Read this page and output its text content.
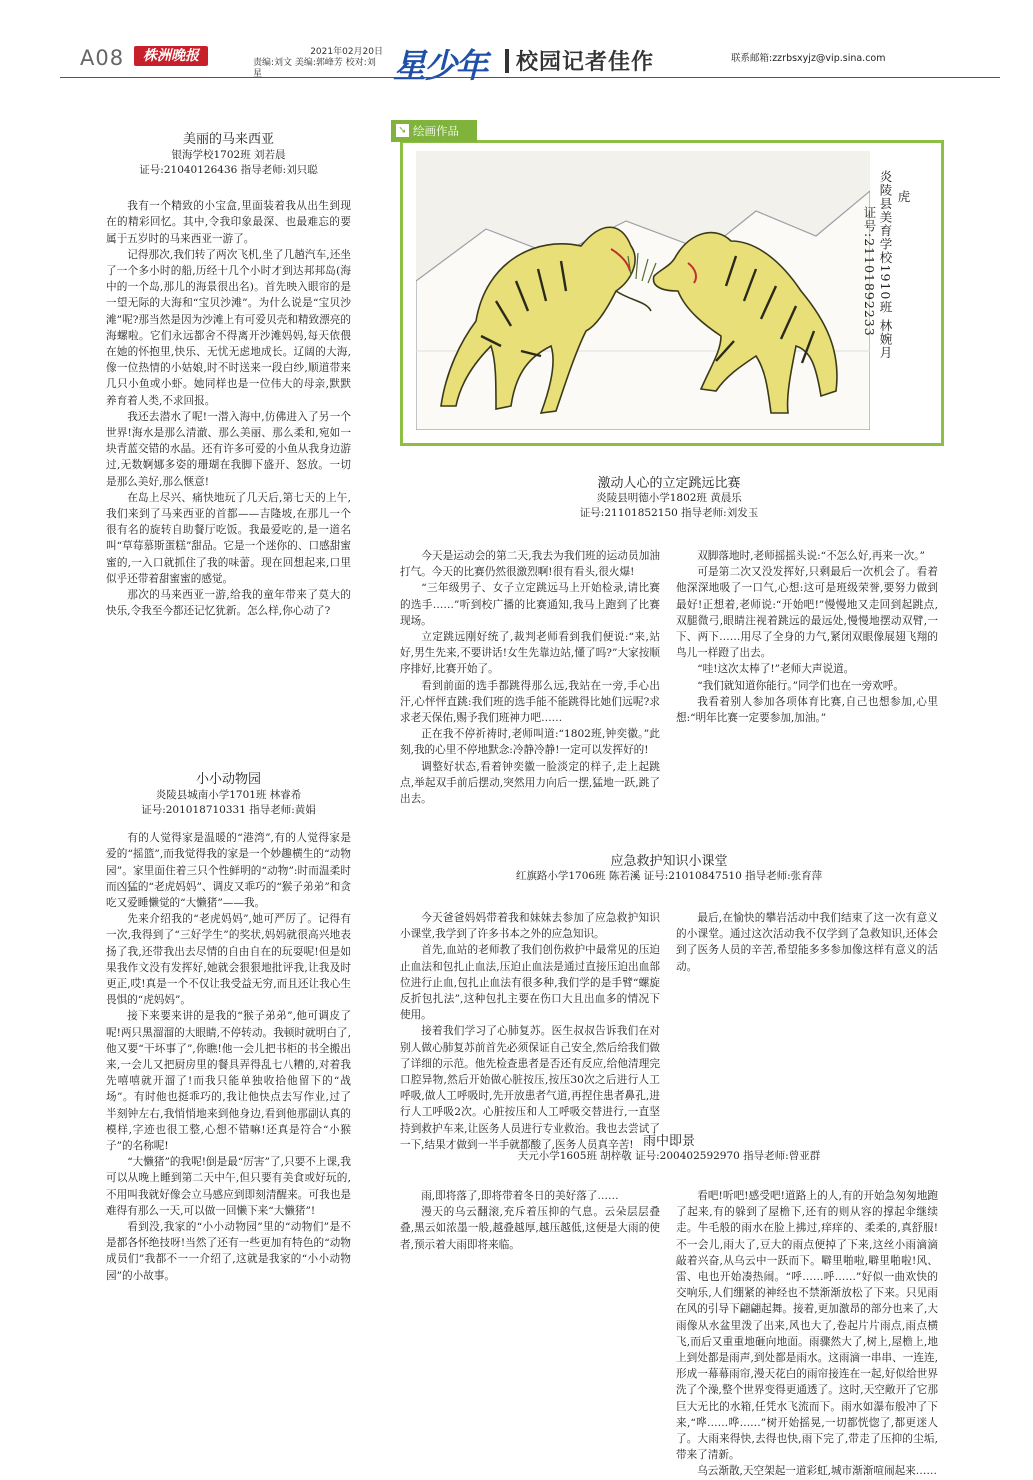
A08	株洲晚报	2021年02月20日
责编:刘文 美编:郭峰芳 校对:刘星	星少年 校园记者佳作	联系邮箱:zzrbsxyjz@vip.sina.com
美丽的马来西亚
银海学校1702班 刘若晨
证号:21040126436 指导老师:刘只聪

我有一个精致的小宝盒,里面装着我从出生到现在的精彩回忆。其中,令我印象最深、也最难忘的要属于五岁时的马来西亚一游了。

记得那次,我们转了两次飞机,坐了几趟汽车,还坐了一个多小时的船,历经十几个小时才到达邦邦岛(海中的一个岛,那儿的海景很出名)。首先映入眼帘的是一望无际的大海和“宝贝沙滩”。为什么说是“宝贝沙滩”呢?那当然是因为沙滩上有可爱贝壳和精致漂亮的海螺啦。它们永远都舍不得离开沙滩妈妈,每天依偎在她的怀抱里,快乐、无忧无虑地成长。辽阔的大海,像一位热情的小姑娘,时不时送来一段白纱,顺道带来几只小鱼或小虾。她同样也是一位伟大的母亲,默默养育着人类,不求回报。

我还去潜水了呢!一潜入海中,仿佛进入了另一个世界!海水是那么清澈、那么美丽、那么柔和,宛如一块青蓝交错的水晶。还有许多可爱的小鱼从我身边游过,无数婀娜多姿的珊瑚在我脚下盛开、怒放。一切是那么美好,那么惬意!

在岛上尽兴、痛快地玩了几天后,第七天的上午,我们来到了马来西亚的首都——吉隆坡,在那儿一个很有名的旋转自助餐厅吃饭。我最爱吃的,是一道名叫“草莓慕斯蛋糕”甜品。它是一个迷你的、口感甜蜜蜜的,一入口就抓住了我的味蕾。现在回想起来,口里似乎还带着甜蜜蜜的感觉。

那次的马来西亚一游,给我的童年带来了莫大的快乐,令我至今都还记忆犹新。怎么样,你心动了?

小小动物园
炎陵县城南小学1701班 林睿希
证号:201018710331 指导老师:黄娟

有的人觉得家是温暖的“港湾”,有的人觉得家是爱的“摇篮”,而我觉得我的家是一个妙趣横生的“动物园”。家里面住着三只个性鲜明的“动物”:时而温柔时而凶猛的“老虎妈妈”、调皮又乖巧的“猴子弟弟”和贪吃又爱睡懒觉的“大懒猪”——我。

先来介绍我的“老虎妈妈”,她可严厉了。记得有一次,我得到了“三好学生”的奖状,妈妈就很高兴地表扬了我,还带我出去尽情的自由自在的玩耍呢!但是如果我作文没有发挥好,她就会狠狠地批评我,让我及时更正,哎!真是一个不仅让我受益无穷,而且还让我心生畏惧的“虎妈妈”。

接下来要来讲的是我的“猴子弟弟”,他可调皮了呢!两只黑溜溜的大眼睛,不停转动。我顿时就明白了,他又要“干坏事了”,你瞧!他一会儿把书柜的书全搬出来,一会儿又把厨房里的餐具弄得乱七八糟的,对着我先嘻嘻就开溜了!而我只能单独收拾他留下的“战场”。有时他也挺乖巧的,我让他快点去写作业,过了半刻钟左右,我悄悄地来到他身边,看到他那副认真的模样,字迹也很工整,心想不错嘛!还真是符合“小猴子”的名称呢!

“大懒猪”的我呢!倒是最“厉害”了,只要不上课,我可以从晚上睡到第二天中午,但只要有美食或好玩的,不用叫我就好像会立马感应到即刻清醒来。可我也是难得有那么一天,可以做一回懒下来“大懒猪”!

看到没,我家的“小小动物园”里的“动物们”是不是都各怀绝技呀!当然了还有一些更加有特色的“动物成员们”我都不一一介绍了,这就是我家的“小小动物园”的小故事。

➘ 绘画作品
虎
炎陵县美育学校1910班 林婉月
证号:21101892233
激动人心的立定跳远比赛
炎陵县明德小学1802班 黄晨乐
证号:21101852150 指导老师:刘发玉

今天是运动会的第二天,我去为我们班的运动员加油打气。今天的比赛仍然很激烈啊!很有看头,很火爆!

“三年级男子、女子立定跳远马上开始检录,请比赛的选手……”听到校广播的比赛通知,我马上跑到了比赛现场。

立定跳远刚好统了,裁判老师看到我们便说:“来,站好,男生先来,不要讲话!女生先靠边站,懂了吗?”大家按顺序排好,比赛开始了。

看到前面的选手都跳得那么远,我站在一旁,手心出汗,心怦怦直跳:我们班的选手能不能跳得比她们远呢?求求老天保佑,赐予我们班神力吧……

正在我不停祈祷时,老师叫道:“1802班,钟奕徽。”此刻,我的心里不停地默念:冷静冷静!一定可以发挥好的!

调整好状态,看着钟奕徽一脸淡定的样子,走上起跳点,举起双手前后摆动,突然用力向后一摆,猛地一跃,跳了出去。

双脚落地时,老师摇摇头说:“不怎么好,再来一次。”

可是第二次又没发挥好,只剩最后一次机会了。看着他深深地吸了一口气,心想:这可是班级荣誉,要努力做到最好!正想着,老师说:“开始吧!”慢慢地又走回到起跳点,双腿微弓,眼睛注视着跳远的最远处,慢慢地摆动双臂,一下、两下……用尽了全身的力气,紧闭双眼像展翅飞翔的鸟儿一样蹬了出去。

“哇!这次太棒了!”老师大声说道。

“我们就知道你能行。”同学们也在一旁欢呼。

我看着别人参加各项体育比赛,自己也想参加,心里想:“明年比赛一定要参加,加油。”

应急救护知识小课堂
红旗路小学1706班 陈若溪 证号:21010847510 指导老师:张育萍

今天爸爸妈妈带着我和妹妹去参加了应急救护知识小课堂,我学到了许多书本之外的应急知识。

首先,血站的老师教了我们创伤救护中最常见的压迫止血法和包扎止血法,压迫止血法是通过直接压迫出血部位进行止血,包扎止血法有很多种,我们学的是手臂“螺旋反折包扎法”,这种包扎主要在伤口大且出血多的情况下使用。

接着我们学习了心肺复苏。医生叔叔告诉我们在对别人做心肺复苏前首先必须保证自己安全,然后给我们做了详细的示范。他先检查患者是否还有反应,给他清理完口腔异物,然后开始做心脏按压,按压30次之后进行人工呼吸,做人工呼吸时,先开放患者气道,再捏住患者鼻孔,进行人工呼吸2次。心脏按压和人工呼吸交替进行,一直坚持到救护车来,让医务人员进行专业救治。我也去尝试了一下,结果才做到一半手就都酸了,医务人员真辛苦!

最后,在愉快的攀岩活动中我们结束了这一次有意义的小课堂。通过这次活动我不仅学到了急救知识,还体会到了医务人员的辛苦,希望能多多参加像这样有意义的活动。

雨中即景
天元小学1605班 胡梓敬 证号:200402592970 指导老师:曾亚群

雨,即将落了,即将带着冬日的美好落了……

漫天的乌云翻滚,充斥着压抑的气息。云朵层层叠叠,黑云如浓墨一般,越叠越厚,越压越低,这便是大雨的使者,预示着大雨即将来临。

看吧!听吧!感受吧!道路上的人,有的开始急匆匆地跑了起来,有的躲到了屋檐下,还有的则从容的撑起伞继续走。牛毛般的雨水在脸上拂过,痒痒的、柔柔的,真舒服!不一会儿,雨大了,豆大的雨点便掉了下来,这丝小雨滴滴敲着兴奋,从乌云中一跃而下。噼里啪啦,噼里啪啦!风、雷、电也开始凑热闹。“呼……呼……”好似一曲欢快的交响乐,人们绷紧的神经也不禁渐渐放松了下来。只见雨在风的引导下翩翩起舞。接着,更加激昂的部分也来了,大雨像从水盆里泼了出来,风也大了,卷起片片雨点,雨点横飞,而后又重重地砸向地面。雨骤然大了,树上,屋檐上,地上到处都是雨声,到处都是雨水。这雨滴一串串、一连连,形成一幕幕雨帘,漫天花白的雨帘接连在一起,好似给世界洗了个澡,整个世界变得更通透了。这时,天空敞开了它那巨大无比的水箱,任凭水飞流而下。雨水如瀑布般冲了下来,“哗……哗……”树开始摇晃,一切都恍惚了,都更迷人了。大雨来得快,去得也快,雨下完了,带走了压抑的尘垢,带来了清新。

乌云渐散,天空架起一道彩虹,城市渐渐喧闹起来……
